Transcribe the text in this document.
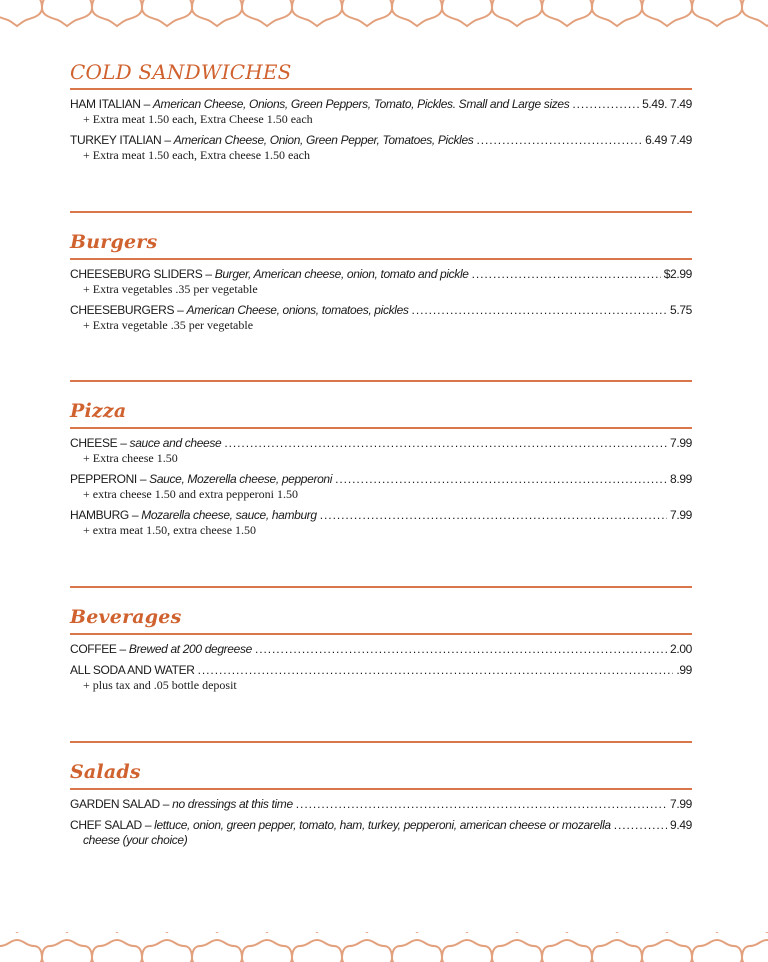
COLD SANDWICHES
HAM ITALIAN – American Cheese, Onions, Green Peppers, Tomato, Pickles. Small and Large sizes . . .	5.49. 7.49
+ Extra meat 1.50 each, Extra Cheese 1.50 each
TURKEY ITALIAN – American Cheese, Onion, Green Pepper, Tomatoes, Pickles . . .	6.49 7.49
+ Extra meat 1.50 each, Extra cheese 1.50 each
Burgers
CHEESEBURG SLIDERS – Burger, American cheese, onion, tomato and pickle . . .	$2.99
+ Extra vegetables .35 per vegetable
CHEESEBURGERS – American Cheese, onions, tomatoes, pickles . . .	5.75
+ Extra vegetable .35 per vegetable
Pizza
CHEESE – sauce and cheese . . .	7.99
+ Extra cheese 1.50
PEPPERONI – Sauce, Mozerella cheese, pepperoni . . .	8.99
+ extra cheese 1.50 and extra pepperoni 1.50
HAMBURG – Mozarella cheese, sauce, hamburg . . .	7.99
+ extra meat 1.50, extra cheese 1.50
Beverages
COFFEE – Brewed at 200 degreese . . .	2.00
ALL SODA AND WATER . . .	.99
+ plus tax and .05 bottle deposit
Salads
GARDEN SALAD – no dressings at this time . . .	7.99
CHEF SALAD – lettuce, onion, green pepper, tomato, ham, turkey, pepperoni, american cheese or mozarella . . .	9.49
cheese (your choice)
